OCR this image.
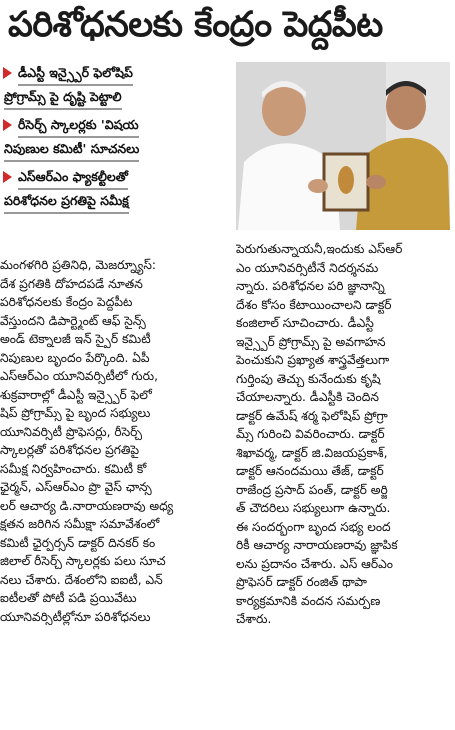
పరిశోధనలకు కేంద్రం పెద్దపీట
డీఎస్టీ ఇన్స్పైర్ ఫెలోషిప్
ప్రోగ్రామ్స్ పై దృష్టి పెట్టాలి
రీసెర్చ్ స్కాలర్లకు 'విషయ
నిపుణుల కమిటీ' సూచనలు
ఎస్ఆర్ఎం ఫ్యాకల్టీలతో
పరిశోధనల ప్రగతిపై సమీక్ష
మంగళగిరి ప్రతినిధి, మెజర్న్యూస్:
దేశ ప్రగతికి దోహదపడే నూతన
పరిశోధనలకు కేంద్రం పెద్దపీట
వేస్తుందని డిపార్ట్మెంట్ ఆఫ్ సైన్స్
అండ్ టెక్నాలజీ ఇన్ స్పైర్ కమిటీ
నిపుణుల బృందం పేర్కొంది. ఏపీ
ఎస్ఆర్ఎం యూనివర్సిటీలో గురు,
శుక్రవారాల్లో డీఎస్టీ ఇన్స్పైర్ ఫెలో
షిప్ ప్రోగ్రామ్స్ పై బృంద సభ్యులు
యూనివర్సిటీ ప్రొఫెసర్లు, రీసెర్చ్
స్కాలర్లతో పరిశోధనల ప్రగతిపై
సమీక్ష నిర్వహించారు. కమిటీ కో
ఛైర్మన్, ఎస్ఆర్ఎం ప్రొ వైస్ ఛాన్స
లర్ ఆచార్య డి.నారాయణరావు అధ్య
క్షతన జరిగిన సమీక్షా సమావేశంలో
కమిటీ ఛైర్పర్సన్ డాక్టర్ దినకర్ కం
జిలాల్ రీసెర్చ్ స్కాలర్లకు పలు సూచ
నలు చేశారు. దేశంలోని ఐఐటీ, ఎన్
ఐటీలతో పోటీ పడి ప్రయివేటు
యూనివర్సిటీల్లోనూ పరిశోధనలు
పెరుగుతున్నాయనీ,ఇందుకు ఎస్ఆర్
ఎం యూనివర్సిటీనే నిదర్శనమ
న్నారు. పరిశోధనల పరి జ్ఞానాన్ని
దేశం కోసం కేటాయించాలని డాక్టర్
కంజిలాల్ సూచించారు. డీఎస్టీ
ఇన్స్పైర్ ప్రోగ్రామ్స్ పై అవగాహన
పెంచుకుని ప్రఖ్యాత శాస్త్రవేత్తలుగా
గుర్తింపు తెచ్చు కునేందుకు కృషి
చేయాలన్నారు. డీఎస్టీకి చెందిన
డాక్టర్ ఉమేష్ శర్మ ఫెలోషిప్ ప్రోగ్రా
మ్స్ గురించి వివరించారు. డాక్టర్
శిఖావర్మ, డాక్టర్ జి.విజయప్రకాశ్,
డాక్టర్ ఆనందమయి తేజ్, డాక్టర్
రాజేంద్ర ప్రసాద్ పంత్, డాక్టర్ అర్జి
త్ చౌదరిలు సభ్యులుగా ఉన్నారు.
ఈ సందర్భంగా బృంద సభ్య లంద
రికీ ఆచార్య నారాయణరావు జ్ఞాపిక
లను ప్రదానం చేశారు. ఎస్ ఆర్ఎం
ప్రొఫెసర్ డాక్టర్ రంజిత్ థాపా
కార్యక్రమానికి వందన సమర్పణ
చేశారు.
